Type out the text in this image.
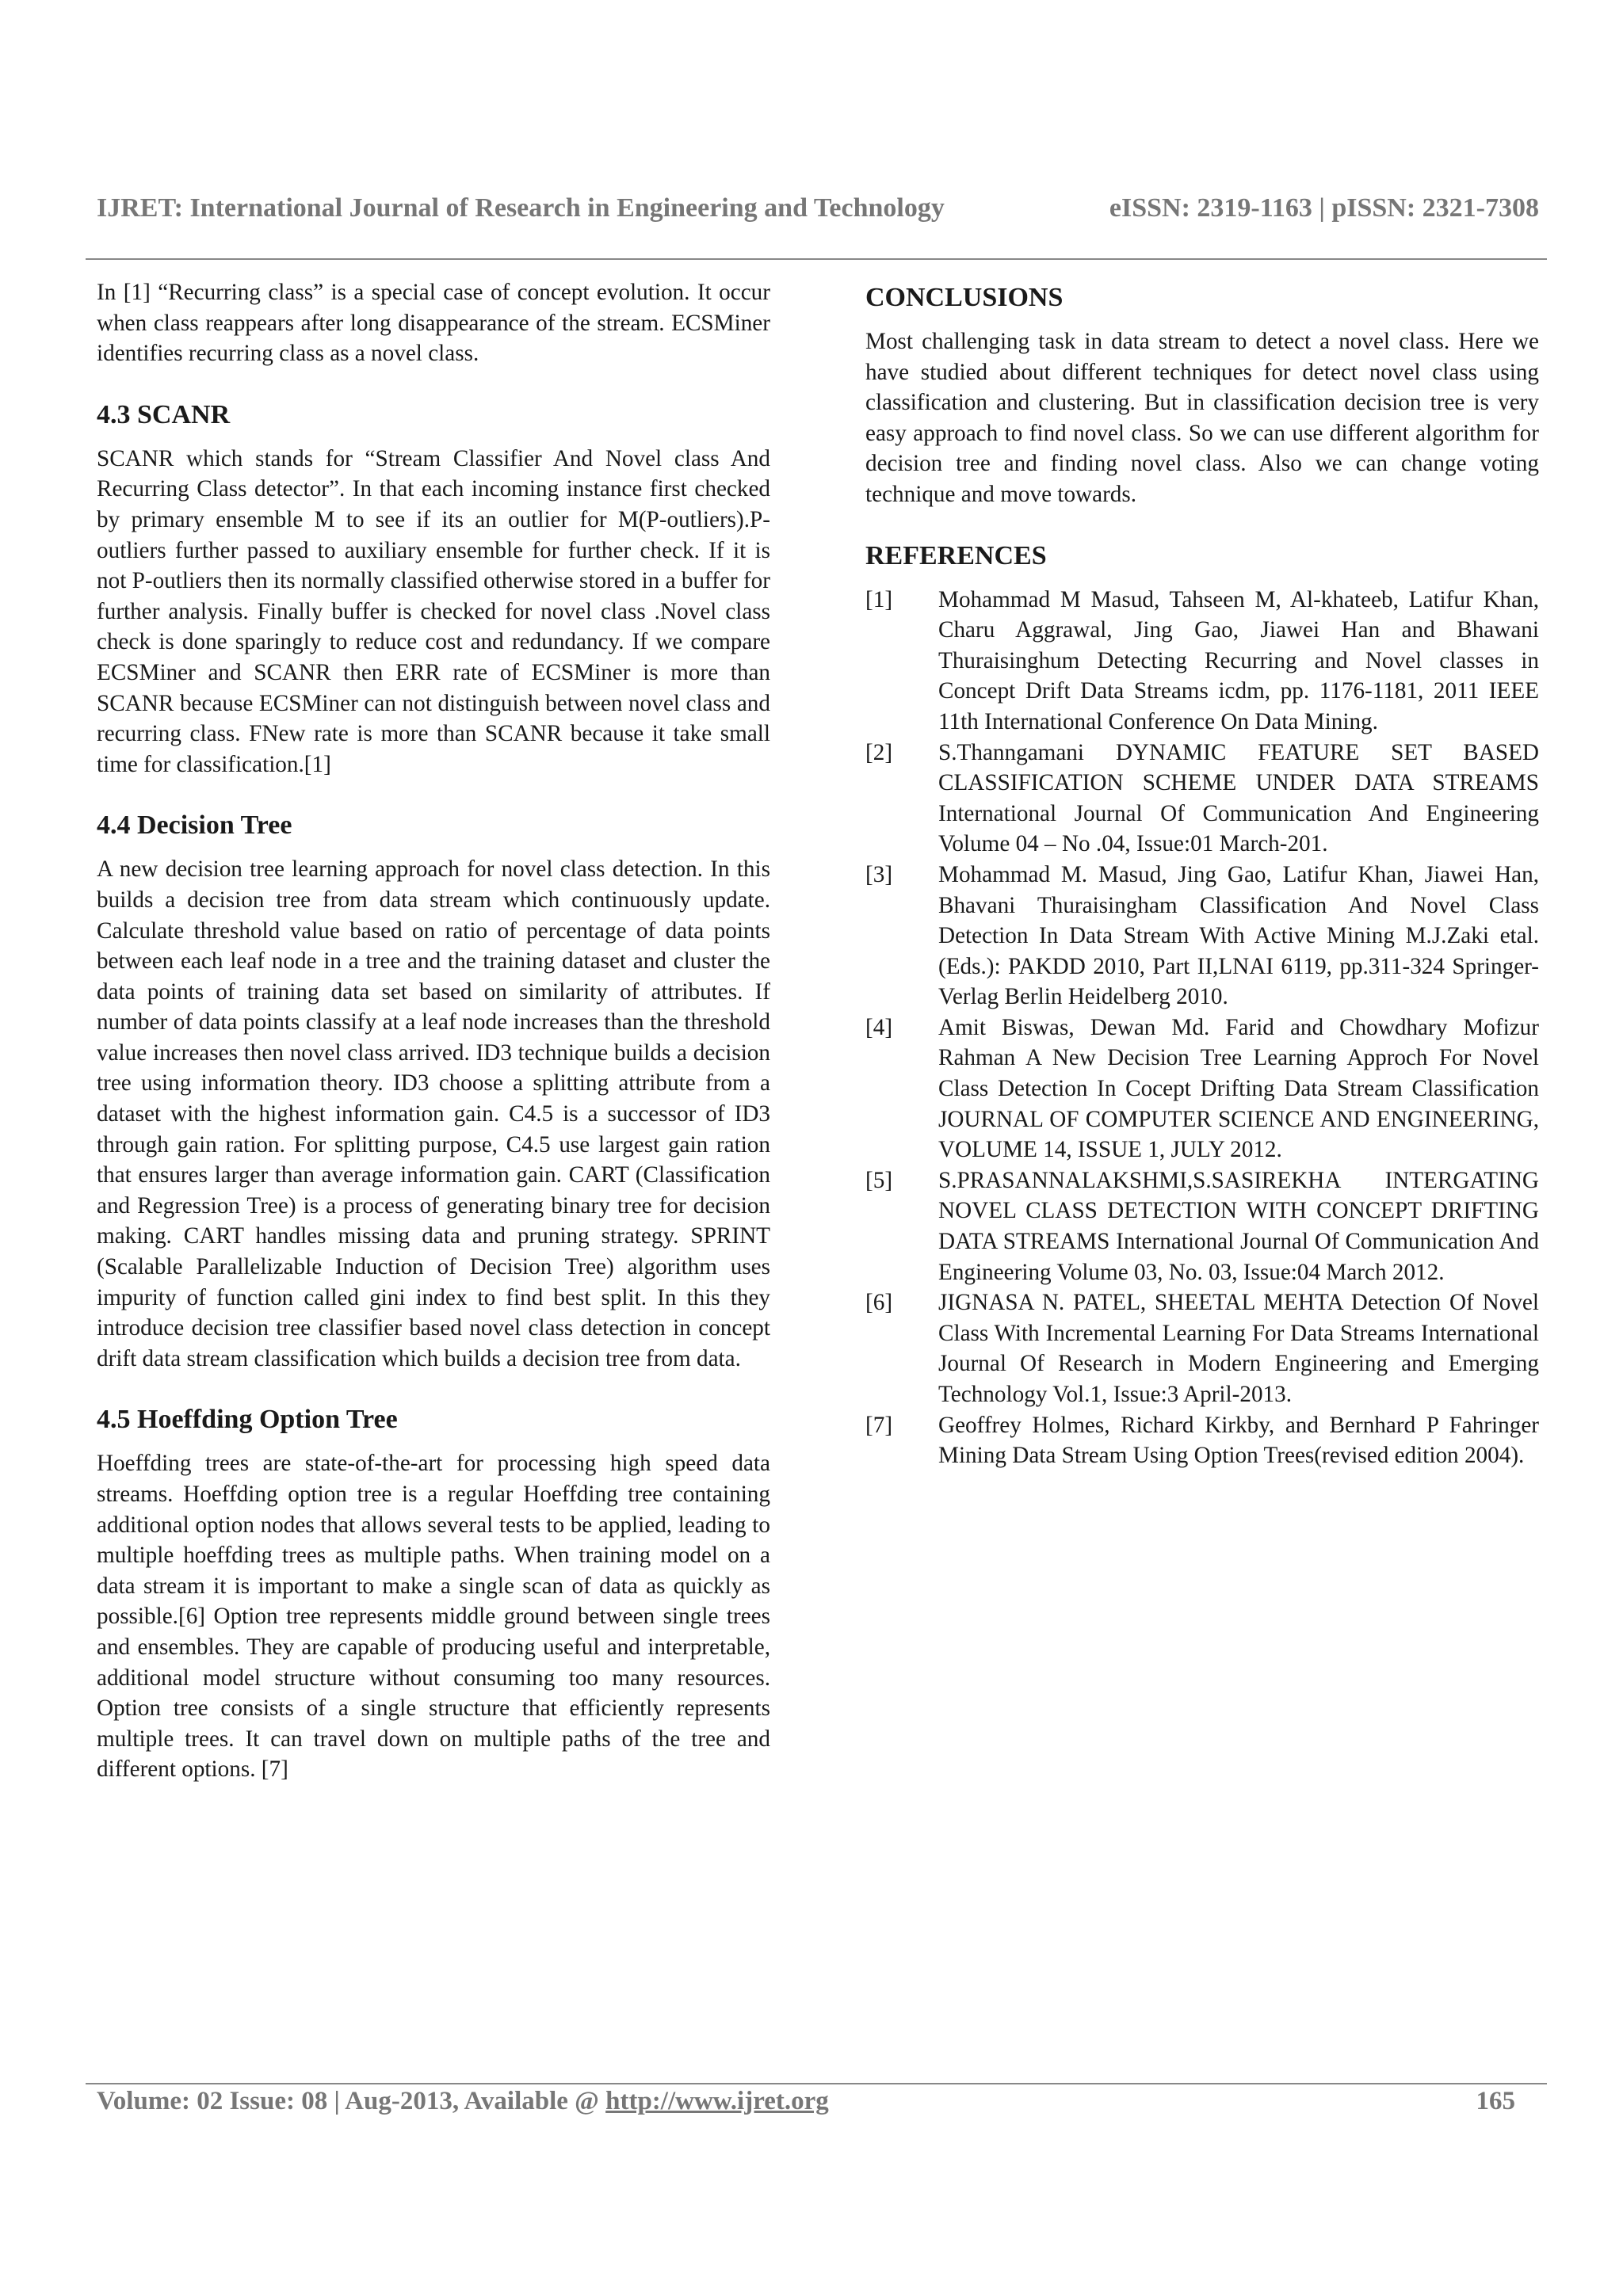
IJRET: International Journal of Research in Engineering and Technology	eISSN: 2319-1163 | pISSN: 2321-7308

In [1] “Recurring class” is a special case of concept evolution. It occur when class reappears after long disappearance of the stream. ECSMiner identifies recurring class as a novel class.

4.3 SCANR

SCANR which stands for “Stream Classifier And Novel class And Recurring Class detector”. In that each incoming instance first checked by primary ensemble M to see if its an outlier for M(P-outliers).P-outliers further passed to auxiliary ensemble for further check. If it is not P-outliers then its normally classified otherwise stored in a buffer for further analysis. Finally buffer is checked for novel class .Novel class check is done sparingly to reduce cost and redundancy. If we compare ECSMiner and SCANR then ERR rate of ECSMiner is more than SCANR because ECSMiner can not distinguish between novel class and recurring class. FNew rate is more than SCANR because it take small time for classification.[1]

4.4 Decision Tree

A new decision tree learning approach for novel class detection. In this builds a decision tree from data stream which continuously update. Calculate threshold value based on ratio of percentage of data points between each leaf node in a tree and the training dataset and cluster the data points of training data set based on similarity of attributes. If number of data points classify at a leaf node increases than the threshold value increases then novel class arrived. ID3 technique builds a decision tree using information theory. ID3 choose a splitting attribute from a dataset with the highest information gain. C4.5 is a successor of ID3 through gain ration. For splitting purpose, C4.5 use largest gain ration that ensures larger than average information gain. CART (Classification and Regression Tree) is a process of generating binary tree for decision making. CART handles missing data and pruning strategy. SPRINT (Scalable Parallelizable Induction of Decision Tree) algorithm uses impurity of function called gini index to find best split. In this they introduce decision tree classifier based novel class detection in concept drift data stream classification which builds a decision tree from data.

4.5 Hoeffding Option Tree

Hoeffding trees are state-of-the-art for processing high speed data streams. Hoeffding option tree is a regular Hoeffding tree containing additional option nodes that allows several tests to be applied, leading to multiple hoeffding trees as multiple paths. When training model on a data stream it is important to make a single scan of data as quickly as possible.[6] Option tree represents middle ground between single trees and ensembles. They are capable of producing useful and interpretable, additional model structure without consuming too many resources. Option tree consists of a single structure that efficiently represents multiple trees. It can travel down on multiple paths of the tree and different options. [7]

CONCLUSIONS

Most challenging task in data stream to detect a novel class. Here we have studied about different techniques for detect novel class using classification and clustering. But in classification decision tree is very easy approach to find novel class. So we can use different algorithm for decision tree and finding novel class. Also we can change voting technique and move towards.

REFERENCES
[1] Mohammad M Masud, Tahseen M, Al-khateeb, Latifur Khan, Charu Aggrawal, Jing Gao, Jiawei Han and Bhawani Thuraisinghum Detecting Recurring and Novel classes in Concept Drift Data Streams icdm, pp. 1176-1181, 2011 IEEE 11th International Conference On Data Mining.
[2] S.Thanngamani DYNAMIC FEATURE SET BASED CLASSIFICATION SCHEME UNDER DATA STREAMS International Journal Of Communication And Engineering Volume 04 – No .04, Issue:01 March-201.
[3] Mohammad M. Masud, Jing Gao, Latifur Khan, Jiawei Han, Bhavani Thuraisingham Classification And Novel Class Detection In Data Stream With Active Mining M.J.Zaki etal.(Eds.): PAKDD 2010, Part II,LNAI 6119, pp.311-324 Springer- Verlag Berlin Heidelberg 2010.
[4] Amit Biswas, Dewan Md. Farid and Chowdhary Mofizur Rahman A New Decision Tree Learning Approch For Novel Class Detection In Cocept Drifting Data Stream Classification JOURNAL OF COMPUTER SCIENCE AND ENGINEERING, VOLUME 14, ISSUE 1, JULY 2012.
[5] S.PRASANNALAKSHMI,S.SASIREKHA INTERGATING NOVEL CLASS DETECTION WITH CONCEPT DRIFTING DATA STREAMS International Journal Of Communication And Engineering Volume 03, No. 03, Issue:04 March 2012.
[6] JIGNASA N. PATEL, SHEETAL MEHTA Detection Of Novel Class With Incremental Learning For Data Streams International Journal Of Research in Modern Engineering and Emerging Technology Vol.1, Issue:3 April-2013.
[7] Geoffrey Holmes, Richard Kirkby, and Bernhard P Fahringer Mining Data Stream Using Option Trees(revised edition 2004).
Volume: 02 Issue: 08 | Aug-2013, Available @ http://www.ijret.org	165
